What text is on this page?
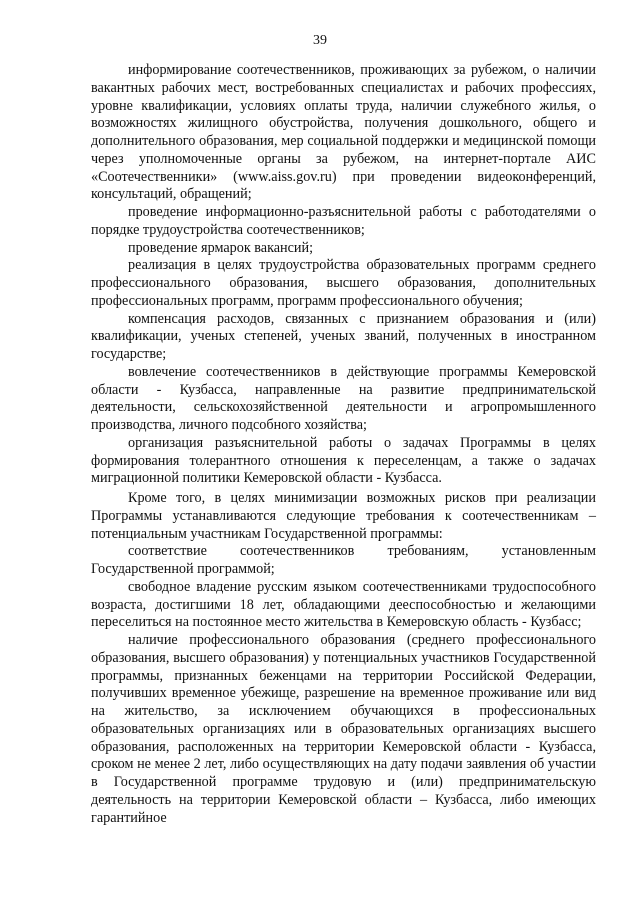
39

информирование соотечественников, проживающих за рубежом, о наличии вакантных рабочих мест, востребованных специалистах и рабочих профессиях, уровне квалификации, условиях оплаты труда, наличии служебного жилья, о возможностях жилищного обустройства, получения дошкольного, общего и дополнительного образования, мер социальной поддержки и медицинской помощи через уполномоченные органы за рубежом, на интернет-портале АИС «Соотечественники» (www.aiss.gov.ru) при проведении видеоконференций, консультаций, обращений;

проведение информационно-разъяснительной работы с работодателями о порядке трудоустройства соотечественников;

проведение ярмарок вакансий;

реализация в целях трудоустройства образовательных программ среднего профессионального образования, высшего образования, дополнительных профессиональных программ, программ профессионального обучения;

компенсация расходов, связанных с признанием образования и (или) квалификации, ученых степеней, ученых званий, полученных в иностранном государстве;

вовлечение соотечественников в действующие программы Кемеровской области - Кузбасса, направленные на развитие предпринимательской деятельности, сельскохозяйственной деятельности и агропромышленного производства, личного подсобного хозяйства;

организация разъяснительной работы о задачах Программы в целях формирования толерантного отношения к переселенцам, а также о задачах миграционной политики Кемеровской области - Кузбасса.

Кроме того, в целях минимизации возможных рисков при реализации Программы устанавливаются следующие требования к соотечественникам – потенциальным участникам Государственной программы:

соответствие соотечественников требованиям, установленным Государственной программой;

свободное владение русским языком соотечественниками трудоспособного возраста, достигшими 18 лет, обладающими дееспособностью и желающими переселиться на постоянное место жительства в Кемеровскую область - Кузбасс;

наличие профессионального образования (среднего профессионального образования, высшего образования) у потенциальных участников Государственной программы, признанных беженцами на территории Российской Федерации, получивших временное убежище, разрешение на временное проживание или вид на жительство, за исключением обучающихся в профессиональных образовательных организациях или в образовательных организациях высшего образования, расположенных на территории Кемеровской области - Кузбасса, сроком не менее 2 лет, либо осуществляющих на дату подачи заявления об участии в Государственной программе трудовую и (или) предпринимательскую деятельность на территории Кемеровской области – Кузбасса, либо имеющих гарантийное
